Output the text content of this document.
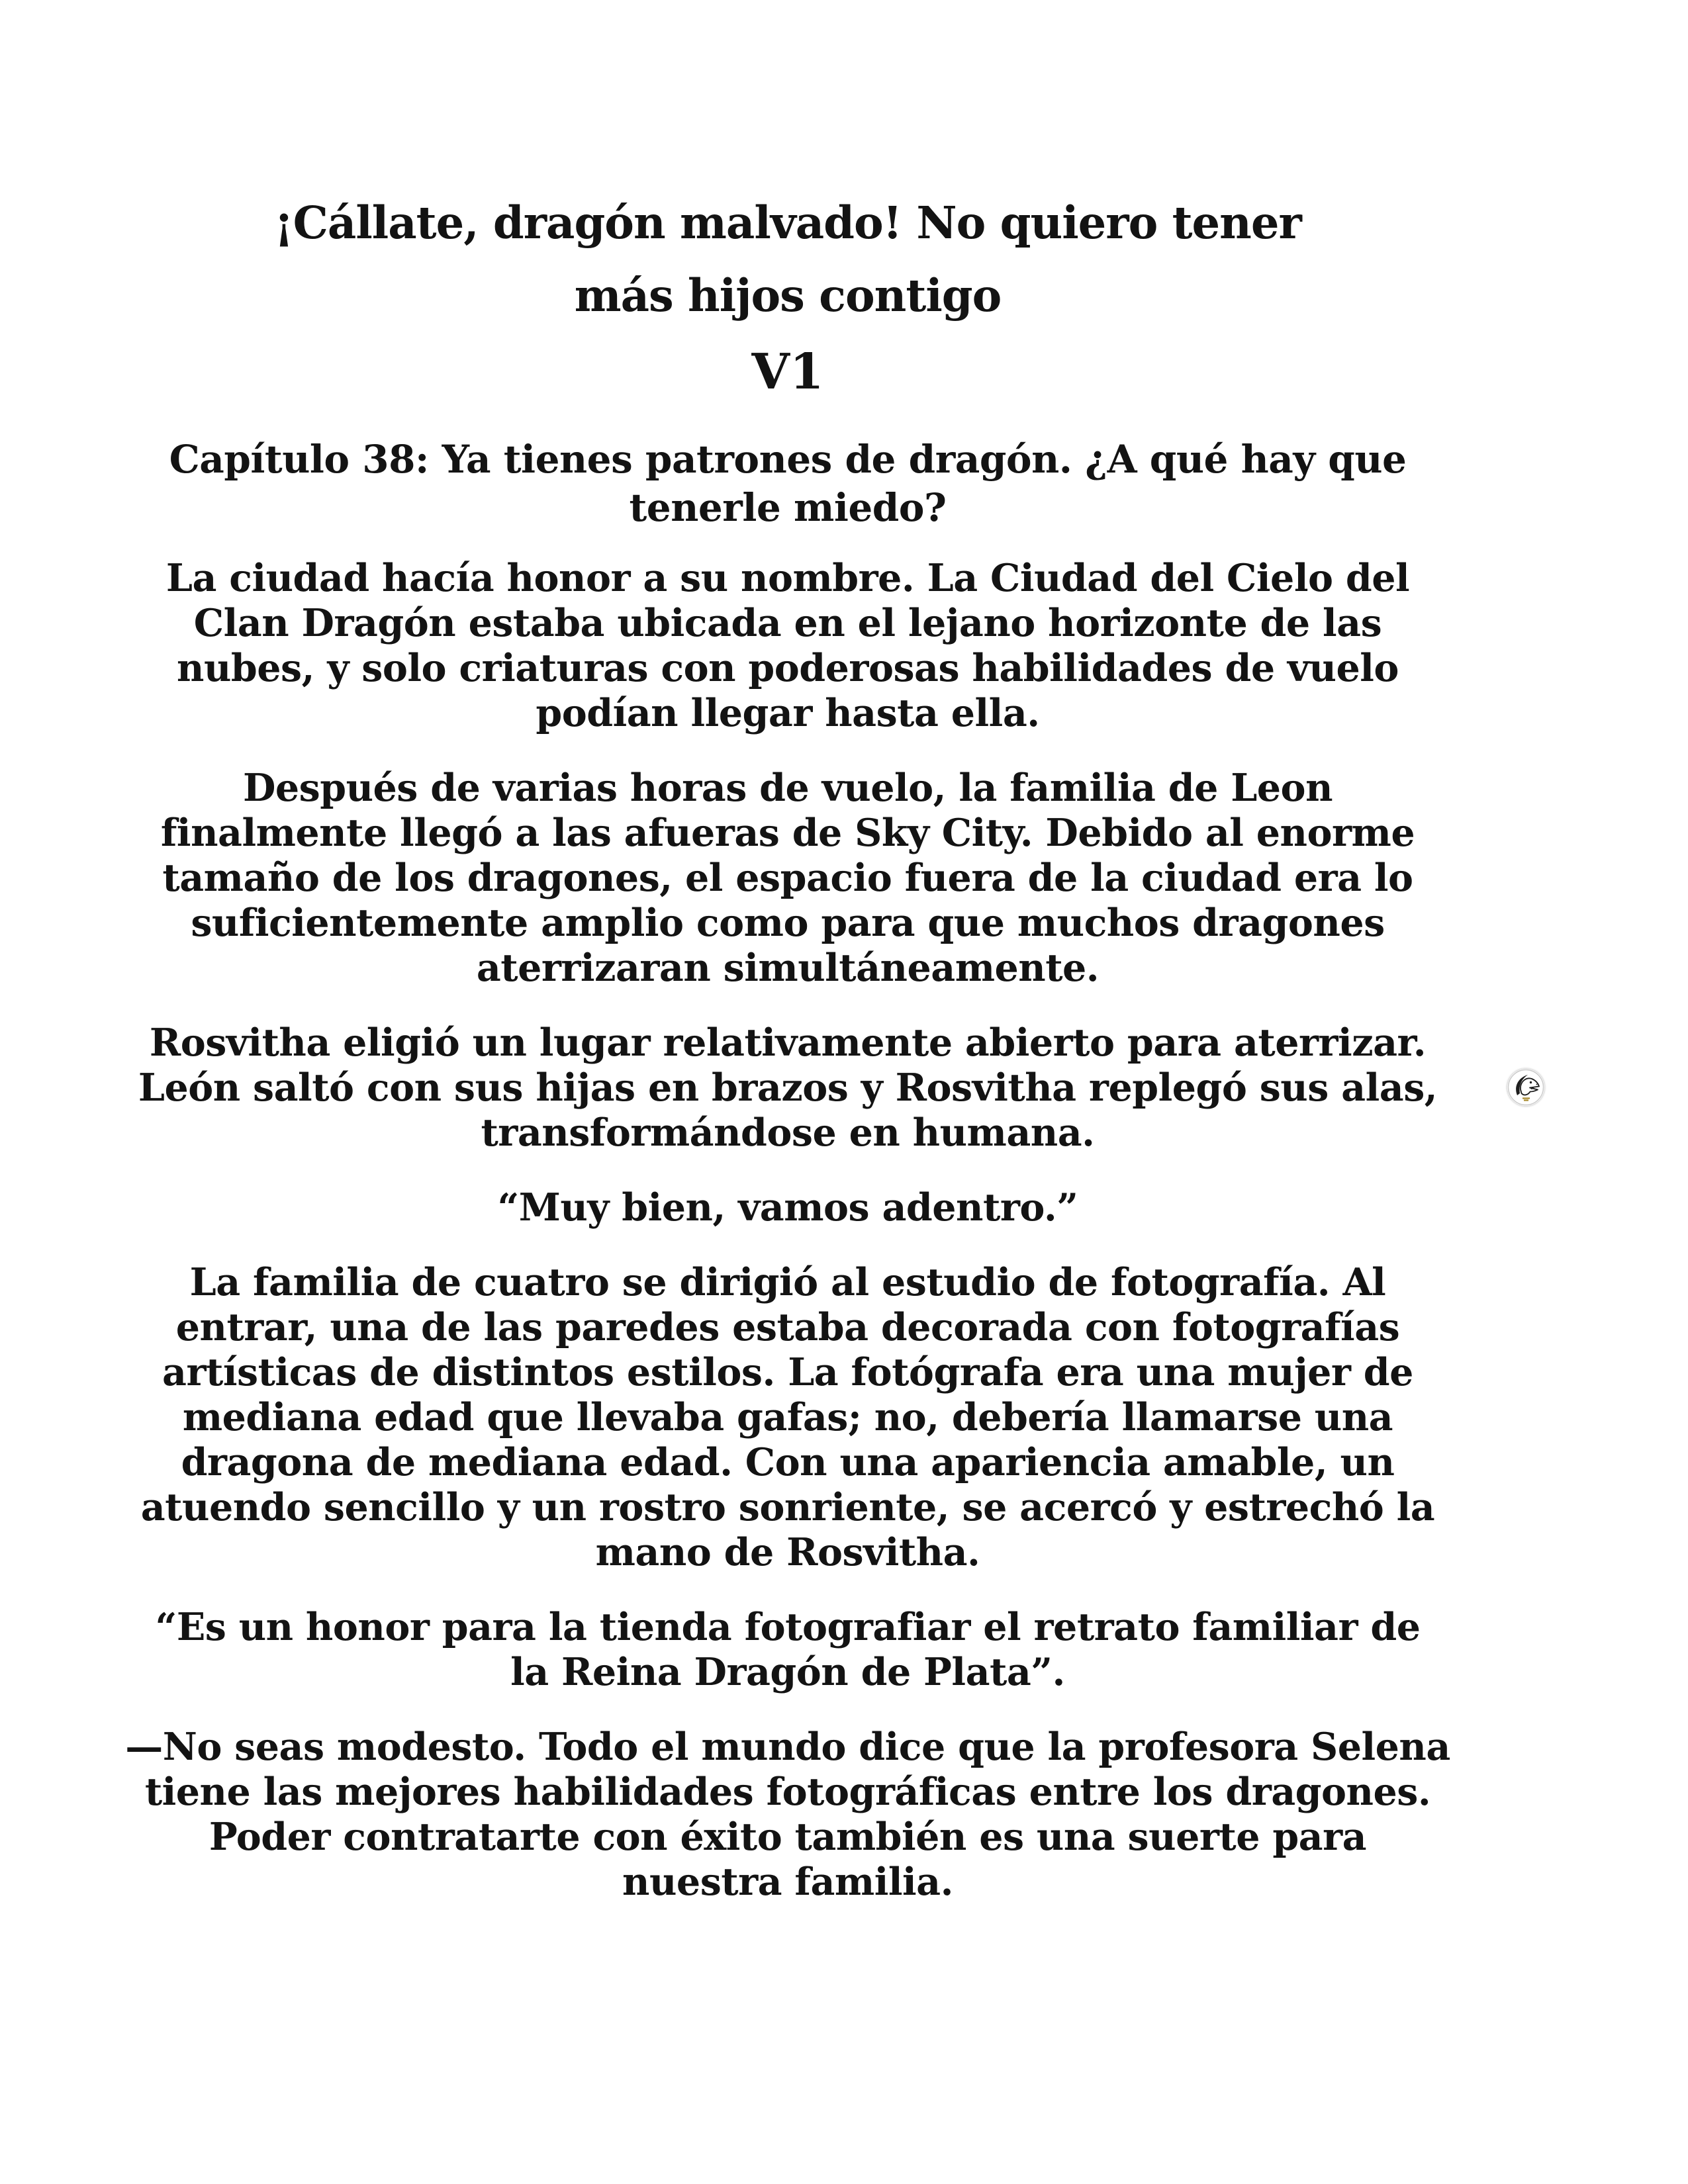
¡Cállate, dragón malvado! No quiero tener
más hijos contigo
V1
Capítulo 38: Ya tienes patrones de dragón. ¿A qué hay que
tenerle miedo?
La ciudad hacía honor a su nombre. La Ciudad del Cielo del
Clan Dragón estaba ubicada en el lejano horizonte de las
nubes, y solo criaturas con poderosas habilidades de vuelo
podían llegar hasta ella.
Después de varias horas de vuelo, la familia de Leon
finalmente llegó a las afueras de Sky City. Debido al enorme
tamaño de los dragones, el espacio fuera de la ciudad era lo
suficientemente amplio como para que muchos dragones
aterrizaran simultáneamente.
Rosvitha eligió un lugar relativamente abierto para aterrizar.
León saltó con sus hijas en brazos y Rosvitha replegó sus alas,
transformándose en humana.
“Muy bien, vamos adentro.”
La familia de cuatro se dirigió al estudio de fotografía. Al
entrar, una de las paredes estaba decorada con fotografías
artísticas de distintos estilos. La fotógrafa era una mujer de
mediana edad que llevaba gafas; no, debería llamarse una
dragona de mediana edad. Con una apariencia amable, un
atuendo sencillo y un rostro sonriente, se acercó y estrechó la
mano de Rosvitha.
“Es un honor para la tienda fotografiar el retrato familiar de
la Reina Dragón de Plata”.
—No seas modesto. Todo el mundo dice que la profesora Selena
tiene las mejores habilidades fotográficas entre los dragones.
Poder contratarte con éxito también es una suerte para
nuestra familia.
